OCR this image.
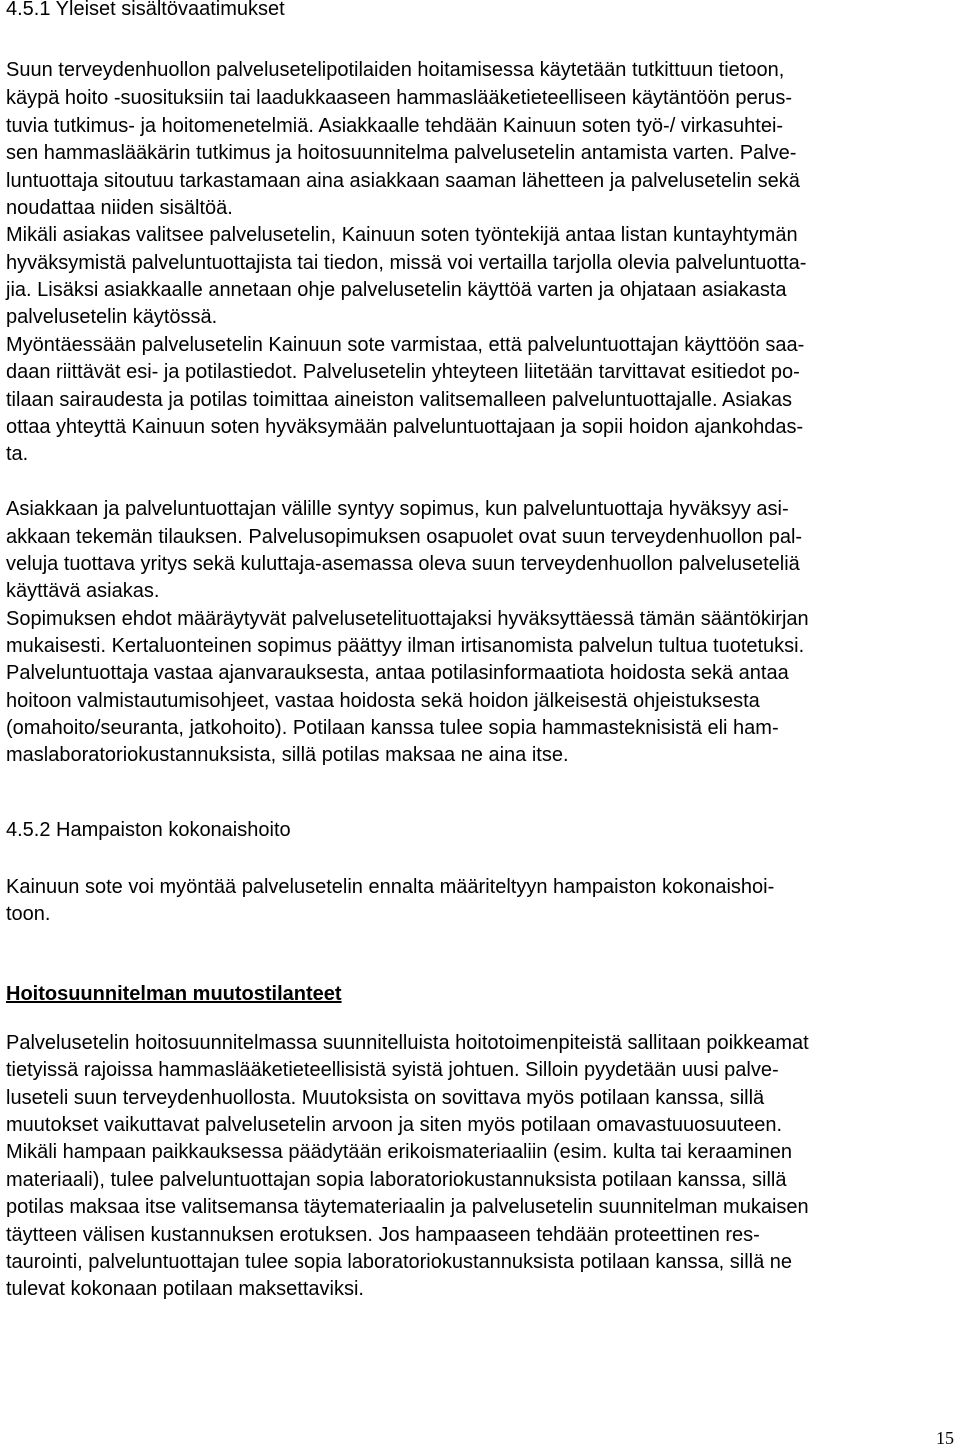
4.5.1 Yleiset sisältövaatimukset
Suun terveydenhuollon palvelusetelipotilaiden hoitamisessa käytetään tutkittuun tietoon,
käypä hoito -suosituksiin tai laadukkaaseen hammaslääketieteelliseen käytäntöön perus-
tuvia tutkimus- ja hoitomenetelmiä. Asiakkaalle tehdään Kainuun soten työ-/ virkasuhtei-
sen hammaslääkärin tutkimus ja hoitosuunnitelma palvelusetelin antamista varten. Palve-
luntuottaja sitoutuu tarkastamaan aina asiakkaan saaman lähetteen ja palvelusetelin sekä
noudattaa niiden sisältöä.
Mikäli asiakas valitsee palvelusetelin, Kainuun soten työntekijä antaa listan kuntayhtymän
hyväksymistä palveluntuottajista tai tiedon, missä voi vertailla tarjolla olevia palveluntuotta-
jia. Lisäksi asiakkaalle annetaan ohje palvelusetelin käyttöä varten ja ohjataan asiakasta
palvelusetelin käytössä.
Myöntäessään palvelusetelin Kainuun sote varmistaa, että palveluntuottajan käyttöön saa-
daan riittävät esi- ja potilastiedot. Palvelusetelin yhteyteen liitetään tarvittavat esitiedot po-
tilaan sairaudesta ja potilas toimittaa aineiston valitsemalleen palveluntuottajalle. Asiakas
ottaa yhteyttä Kainuun soten hyväksymään palveluntuottajaan ja sopii hoidon ajankohdas-
ta.
Asiakkaan ja palveluntuottajan välille syntyy sopimus, kun palveluntuottaja hyväksyy asi-
akkaan tekemän tilauksen. Palvelusopimuksen osapuolet ovat suun terveydenhuollon pal-
veluja tuottava yritys sekä kuluttaja-asemassa oleva suun terveydenhuollon palveluseteliä
käyttävä asiakas.
Sopimuksen ehdot määräytyvät palvelusetelituottajaksi hyväksyttäessä tämän sääntökirjan
mukaisesti. Kertaluonteinen sopimus päättyy ilman irtisanomista palvelun tultua tuotetuksi.
Palveluntuottaja vastaa ajanvarauksesta, antaa potilasinformaatiota hoidosta sekä antaa
hoitoon valmistautumisohjeet, vastaa hoidosta sekä hoidon jälkeisestä ohjeistuksesta
(omahoito/seuranta, jatkohoito). Potilaan kanssa tulee sopia hammasteknisistä eli ham-
maslaboratoriokustannuksista, sillä potilas maksaa ne aina itse.
4.5.2 Hampaiston kokonaishoito
Kainuun sote voi myöntää palvelusetelin ennalta määriteltyyn hampaiston kokonaishoi-
toon.
Hoitosuunnitelman muutostilanteet
Palvelusetelin hoitosuunnitelmassa suunnitelluista hoitotoimenpiteistä sallitaan poikkeamat
tietyissä rajoissa hammaslääketieteellisistä syistä johtuen. Silloin pyydetään uusi palve-
luseteli suun terveydenhuollosta. Muutoksista on sovittava myös potilaan kanssa, sillä
muutokset vaikuttavat palvelusetelin arvoon ja siten myös potilaan omavastuuosuuteen.
Mikäli hampaan paikkauksessa päädytään erikoismateriaaliin (esim. kulta tai keraaminen
materiaali), tulee palveluntuottajan sopia laboratoriokustannuksista potilaan kanssa, sillä
potilas maksaa itse valitsemansa täytemateriaalin ja palvelusetelin suunnitelman mukaisen
täytteen välisen kustannuksen erotuksen. Jos hampaaseen tehdään proteettinen res-
taurointi, palveluntuottajan tulee sopia laboratoriokustannuksista potilaan kanssa, sillä ne
tulevat kokonaan potilaan maksettaviksi.
15
